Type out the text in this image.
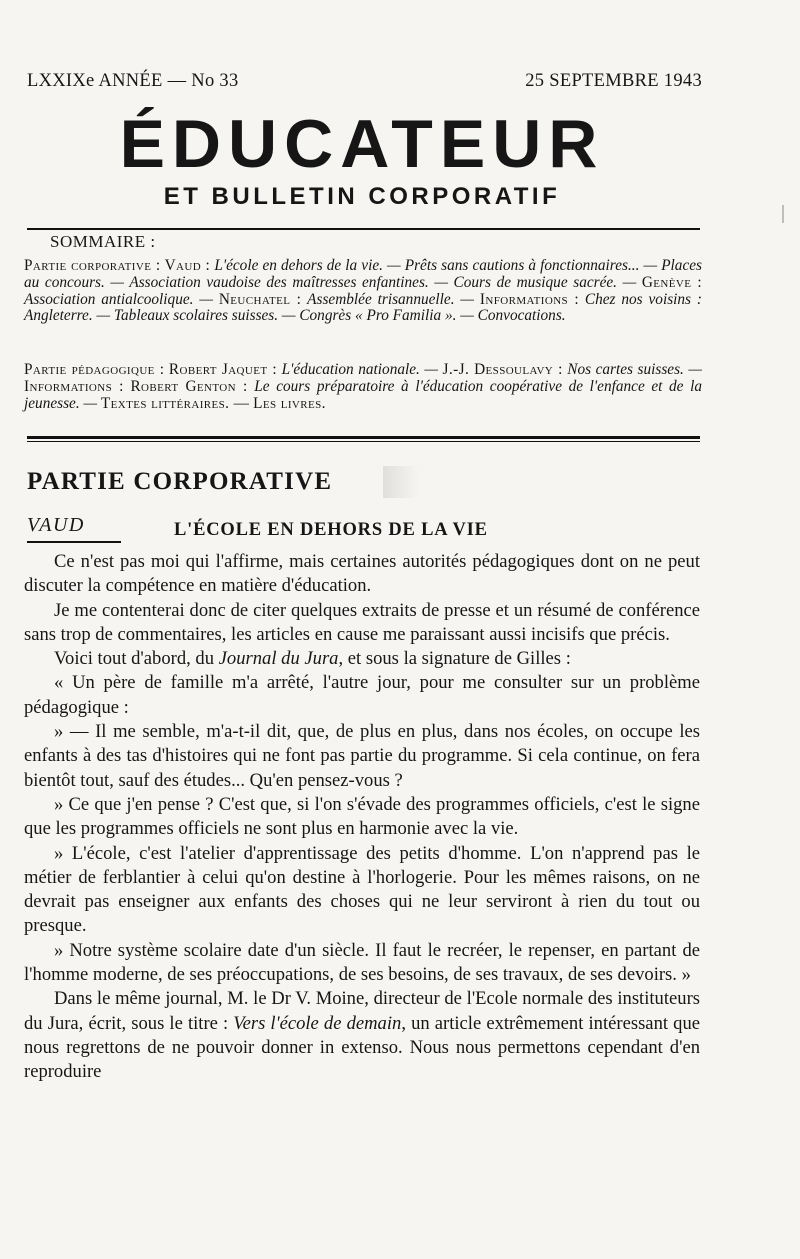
LXXIXe ANNÉE — No 33	25 SEPTEMBRE 1943
ÉDUCATEUR
ET BULLETIN CORPORATIF
SOMMAIRE :

Partie corporative : Vaud : L'école en dehors de la vie. — Prêts sans cautions à fonctionnaires... — Places au concours. — Association vaudoise des maîtresses enfantines. — Cours de musique sacrée. — Genève : Association antialcoolique. — Neuchatel : Assemblée trisannuelle. — Informations : Chez nos voisins : Angleterre. — Tableaux scolaires suisses. — Congrès « Pro Familia ». — Convocations.

Partie pédagogique : Robert Jaquet : L'éducation nationale. — J.-J. Dessoulavy : Nos cartes suisses. — Informations : Robert Genton : Le cours préparatoire à l'éducation coopérative de l'enfance et de la jeunesse. — Textes littéraires. — Les livres.

PARTIE CORPORATIVE
VAUD	L'ÉCOLE EN DEHORS DE LA VIE

Ce n'est pas moi qui l'affirme, mais certaines autorités pédagogiques dont on ne peut discuter la compétence en matière d'éducation.

Je me contenterai donc de citer quelques extraits de presse et un résumé de conférence sans trop de commentaires, les articles en cause me paraissant aussi incisifs que précis.

Voici tout d'abord, du Journal du Jura, et sous la signature de Gilles :

« Un père de famille m'a arrêté, l'autre jour, pour me consulter sur un problème pédagogique :

» — Il me semble, m'a-t-il dit, que, de plus en plus, dans nos écoles, on occupe les enfants à des tas d'histoires qui ne font pas partie du programme. Si cela continue, on fera bientôt tout, sauf des études... Qu'en pensez-vous ?

» Ce que j'en pense ? C'est que, si l'on s'évade des programmes officiels, c'est le signe que les programmes officiels ne sont plus en harmonie avec la vie.

» L'école, c'est l'atelier d'apprentissage des petits d'homme. L'on n'apprend pas le métier de ferblantier à celui qu'on destine à l'horlogerie. Pour les mêmes raisons, on ne devrait pas enseigner aux enfants des choses qui ne leur serviront à rien du tout ou presque.

» Notre système scolaire date d'un siècle. Il faut le recréer, le repenser, en partant de l'homme moderne, de ses préoccupations, de ses besoins, de ses travaux, de ses devoirs. »

Dans le même journal, M. le Dr V. Moine, directeur de l'Ecole normale des instituteurs du Jura, écrit, sous le titre : Vers l'école de demain, un article extrêmement intéressant que nous regrettons de ne pouvoir donner in extenso. Nous nous permettons cependant d'en reproduire
